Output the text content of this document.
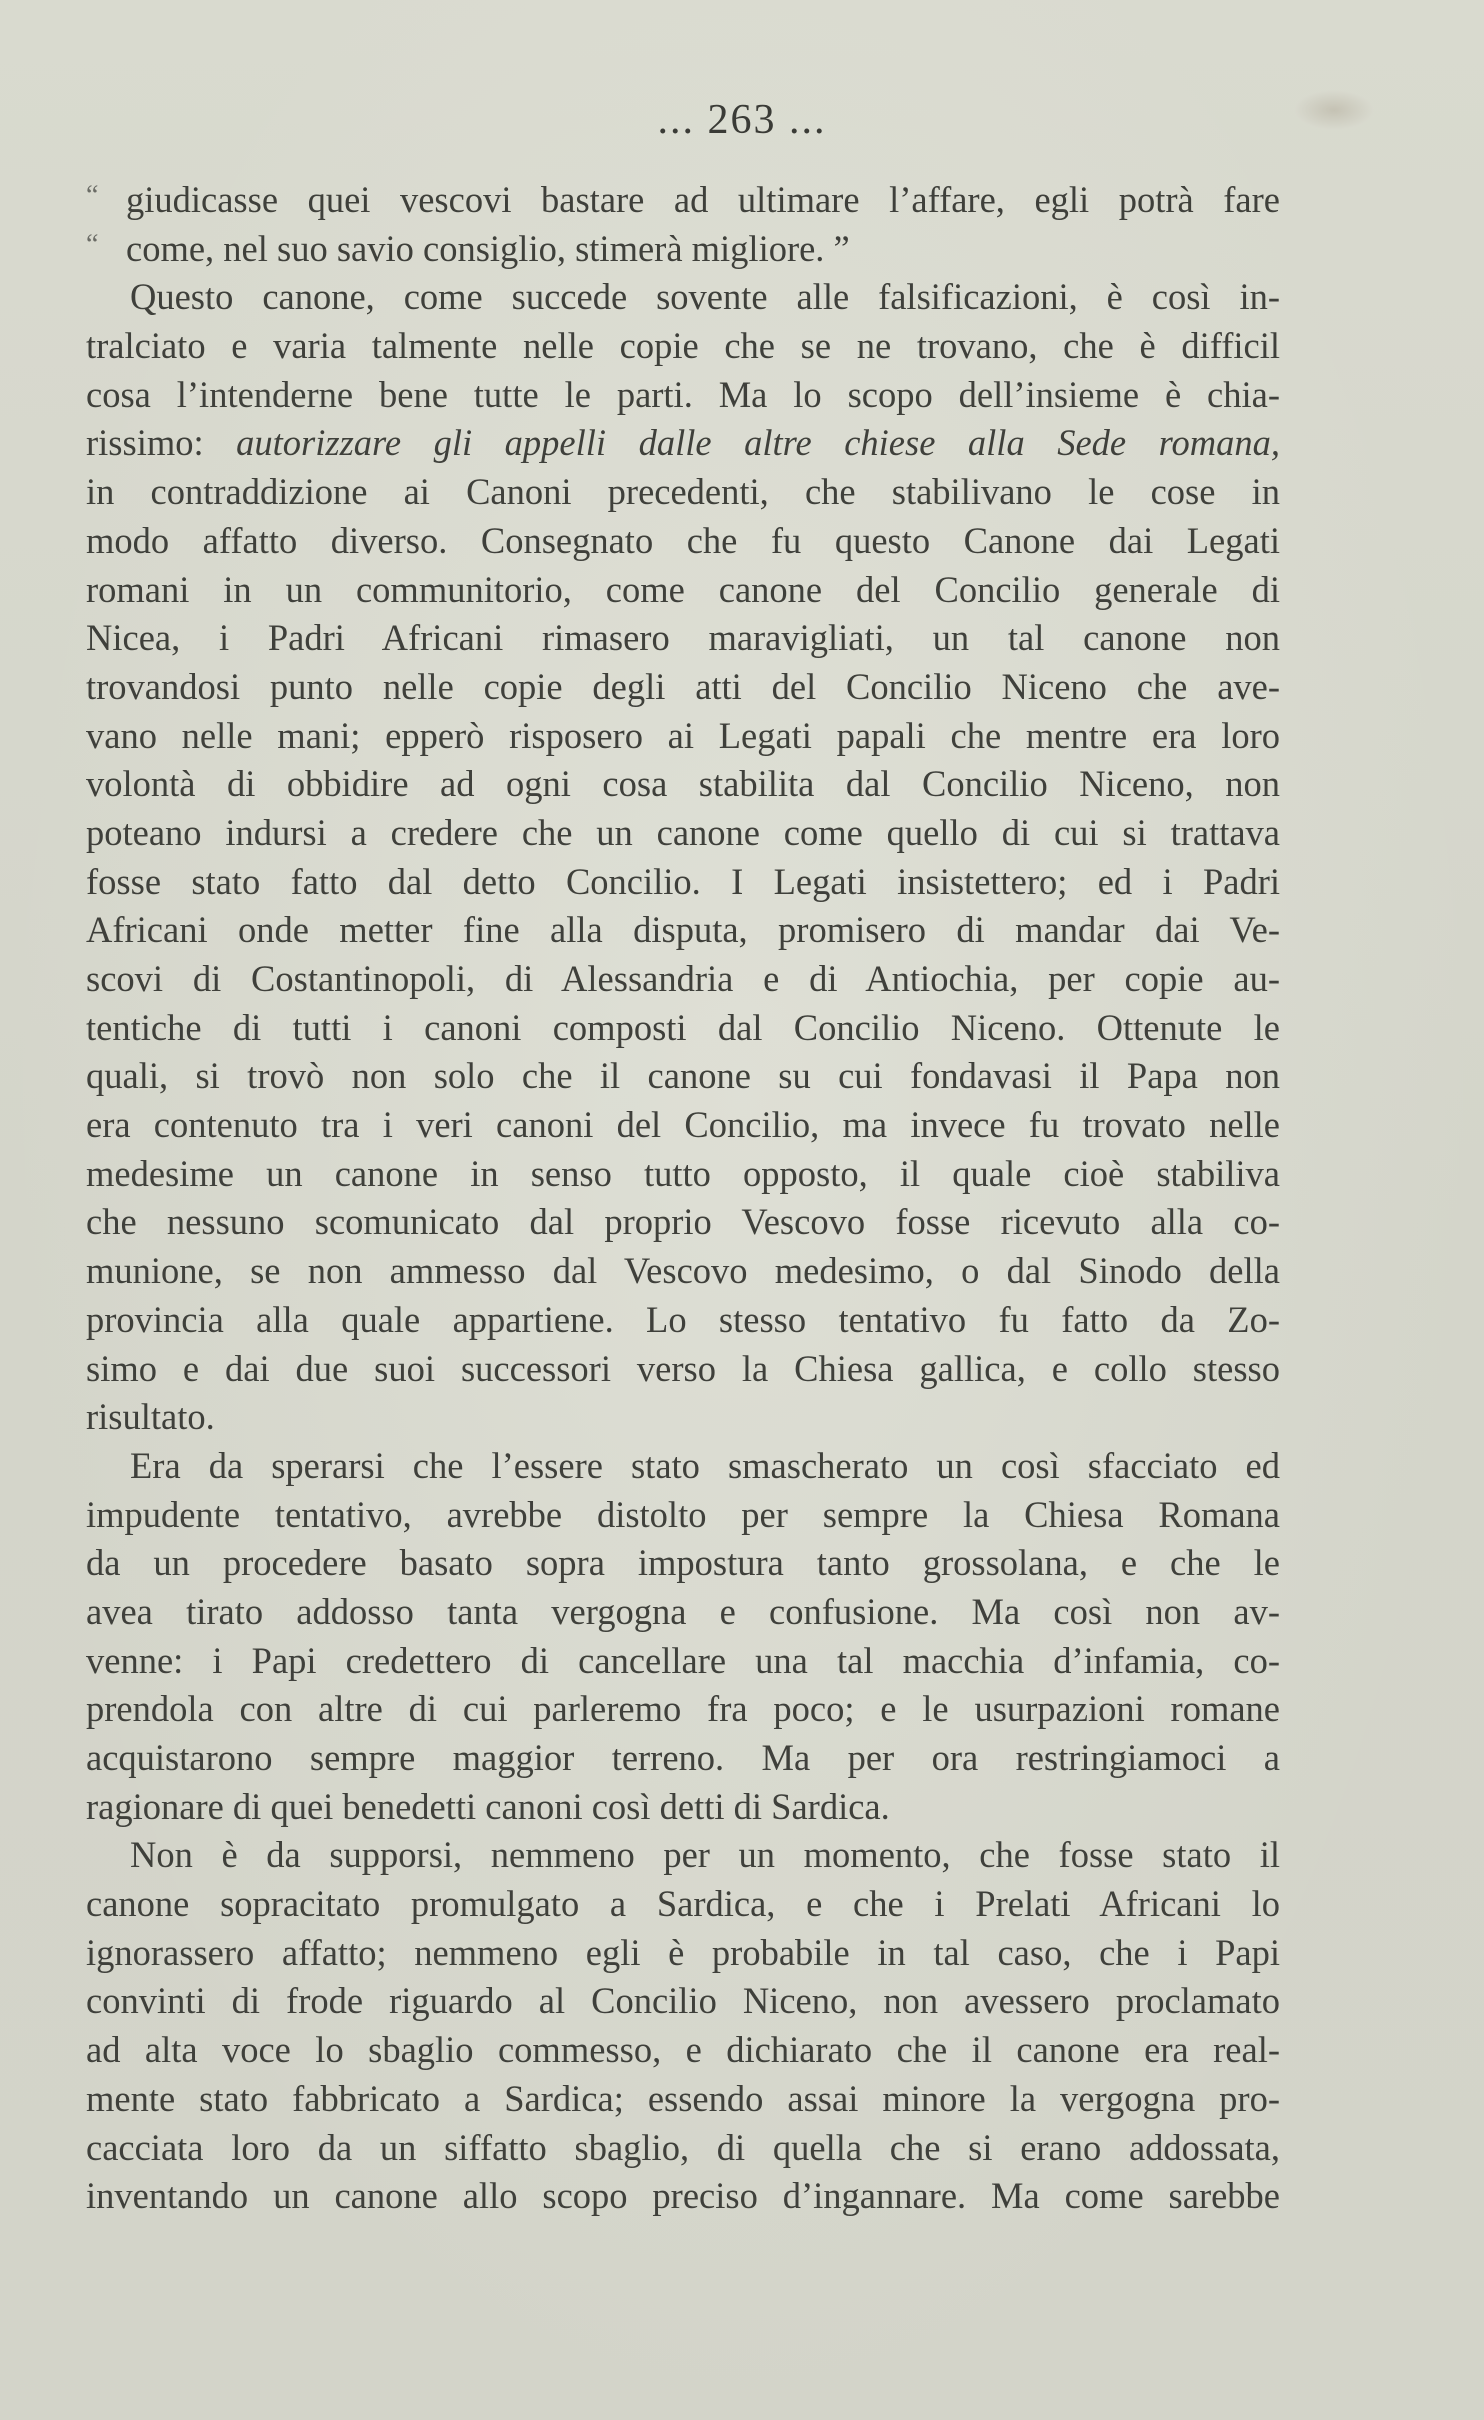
... 263 ...
“ giudicasse quei vescovi bastare ad ultimare l’affare, egli potrà fare
“ come, nel suo savio consiglio, stimerà migliore. ”
Questo canone, come succede sovente alle falsificazioni, è così in-
tralciato e varia talmente nelle copie che se ne trovano, che è difficil
cosa l’intenderne bene tutte le parti. Ma lo scopo dell’insieme è chia-
rissimo: autorizzare gli appelli dalle altre chiese alla Sede romana,
in contraddizione ai Canoni precedenti, che stabilivano le cose in
modo affatto diverso. Consegnato che fu questo Canone dai Legati
romani in un communitorio, come canone del Concilio generale di
Nicea, i Padri Africani rimasero maravigliati, un tal canone non
trovandosi punto nelle copie degli atti del Concilio Niceno che ave-
vano nelle mani; epperò risposero ai Legati papali che mentre era loro
volontà di obbidire ad ogni cosa stabilita dal Concilio Niceno, non
poteano indursi a credere che un canone come quello di cui si trattava
fosse stato fatto dal detto Concilio. I Legati insistettero; ed i Padri
Africani onde metter fine alla disputa, promisero di mandar dai Ve-
scovi di Costantinopoli, di Alessandria e di Antiochia, per copie au-
tentiche di tutti i canoni composti dal Concilio Niceno. Ottenute le
quali, si trovò non solo che il canone su cui fondavasi il Papa non
era contenuto tra i veri canoni del Concilio, ma invece fu trovato nelle
medesime un canone in senso tutto opposto, il quale cioè stabiliva
che nessuno scomunicato dal proprio Vescovo fosse ricevuto alla co-
munione, se non ammesso dal Vescovo medesimo, o dal Sinodo della
provincia alla quale appartiene. Lo stesso tentativo fu fatto da Zo-
simo e dai due suoi successori verso la Chiesa gallica, e collo stesso
risultato.
Era da sperarsi che l’essere stato smascherato un così sfacciato ed
impudente tentativo, avrebbe distolto per sempre la Chiesa Romana
da un procedere basato sopra impostura tanto grossolana, e che le
avea tirato addosso tanta vergogna e confusione. Ma così non av-
venne: i Papi credettero di cancellare una tal macchia d’infamia, co-
prendola con altre di cui parleremo fra poco; e le usurpazioni romane
acquistarono sempre maggior terreno. Ma per ora restringiamoci a
ragionare di quei benedetti canoni così detti di Sardica.
Non è da supporsi, nemmeno per un momento, che fosse stato il
canone sopracitato promulgato a Sardica, e che i Prelati Africani lo
ignorassero affatto; nemmeno egli è probabile in tal caso, che i Papi
convinti di frode riguardo al Concilio Niceno, non avessero proclamato
ad alta voce lo sbaglio commesso, e dichiarato che il canone era real-
mente stato fabbricato a Sardica; essendo assai minore la vergogna pro-
cacciata loro da un siffatto sbaglio, di quella che si erano addossata,
inventando un canone allo scopo preciso d’ingannare. Ma come sarebbe
